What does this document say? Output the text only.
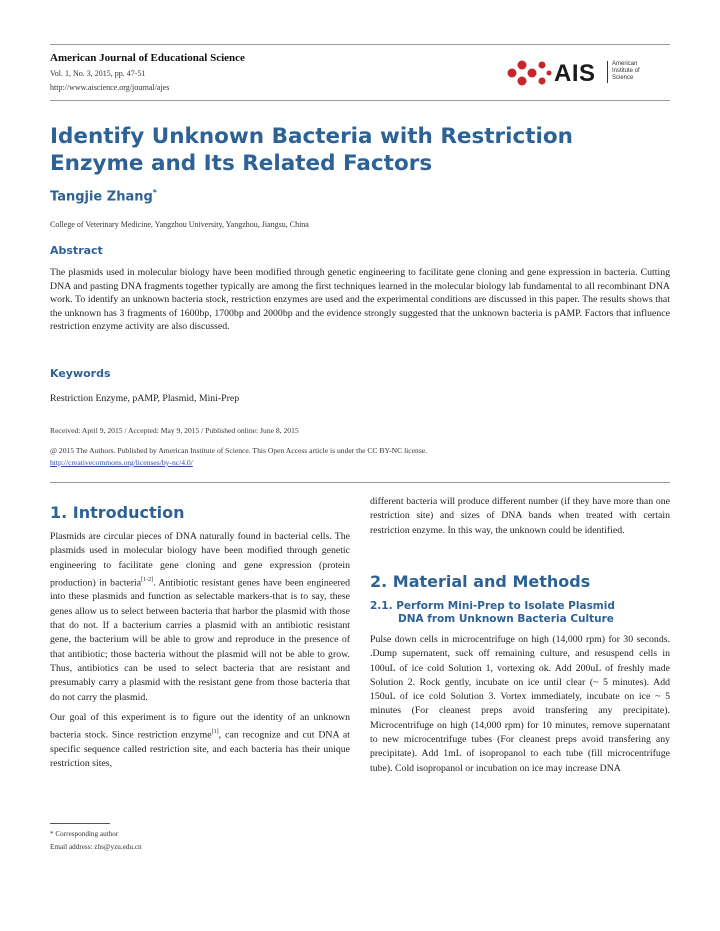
American Journal of Educational Science
Vol. 1, No. 3, 2015, pp. 47-51
http://www.aiscience.org/journal/ajes
AIS	American
Institute of
Science
Identify Unknown Bacteria with Restriction
Enzyme and Its Related Factors
Tangjie Zhang*
College of Veterinary Medicine, Yangzhou University, Yangzhou, Jiangsu, China
Abstract
The plasmids used in molecular biology have been modified through genetic engineering to facilitate gene cloning and gene expression in bacteria. Cutting DNA and pasting DNA fragments together typically are among the first techniques learned in the molecular biology lab fundamental to all recombinant DNA work. To identify an unknown bacteria stock, restriction enzymes are used and the experimental conditions are discussed in this paper. The results shows that the unknown has 3 fragments of 1600bp, 1700bp and 2000bp and the evidence strongly suggested that the unknown bacteria is pAMP. Factors that influence restriction enzyme activity are also discussed.
Keywords
Restriction Enzyme, pAMP, Plasmid, Mini-Prep
Received: April 9, 2015 / Accepted: May 9, 2015 / Published online: June 8, 2015
@ 2015 The Authors. Published by American Institute of Science. This Open Access article is under the CC BY-NC license.
http://creativecommons.org/licenses/by-nc/4.0/
1. Introduction

Plasmids are circular pieces of DNA naturally found in bacterial cells. The plasmids used in molecular biology have been modified through genetic engineering to facilitate gene cloning and gene expression (protein production) in bacteria[1-2]. Antibiotic resistant genes have been engineered into these plasmids and function as selectable markers-that is to say, these genes allow us to select between bacteria that harbor the plasmid with those that do not. If a bacterium carries a plasmid with an antibiotic resistant gene, the bacterium will be able to grow and reproduce in the presence of that antibiotic; those bacteria without the plasmid will not be able to grow. Thus, antibiotics can be used to select bacteria that are resistant and presumably carry a plasmid with the resistant gene from those bacteria that do not carry the plasmid.

Our goal of this experiment is to figure out the identity of an unknown bacteria stock. Since restriction enzyme[1], can recognize and cut DNA at specific sequence called restriction site, and each bacteria has their unique restriction sites,

different bacteria will produce different number (if they have more than one restriction site) and sizes of DNA bands when treated with certain restriction enzyme. In this way, the unknown could be identified.

2. Material and Methods
2.1. Perform Mini-Prep to Isolate Plasmid
DNA from Unknown Bacteria Culture

Pulse down cells in microcentrifuge on high (14,000 rpm) for 30 seconds. .Dump supernatent, suck off remaining culture, and resuspend cells in 100uL of ice cold Solution 1, vortexing ok. Add 200uL of freshly made Solution 2. Rock gently, incubate on ice until clear (~ 5 minutes). Add 150uL of ice cold Solution 3. Vortex immediately, incubate on ice ~ 5 minutes (For cleanest preps avoid transfering any precipitate). Microcentrifuge on high (14,000 rpm) for 10 minutes, remove supernatant to new microcentrifuge tubes (For cleanest preps avoid transfering any precipitate). Add 1mL of isopropanol to each tube (fill microcentrifuge tube). Cold isopropanol or incubation on ice may increase DNA

* Corresponding author
Email address: zhs@yzu.edu.cn
